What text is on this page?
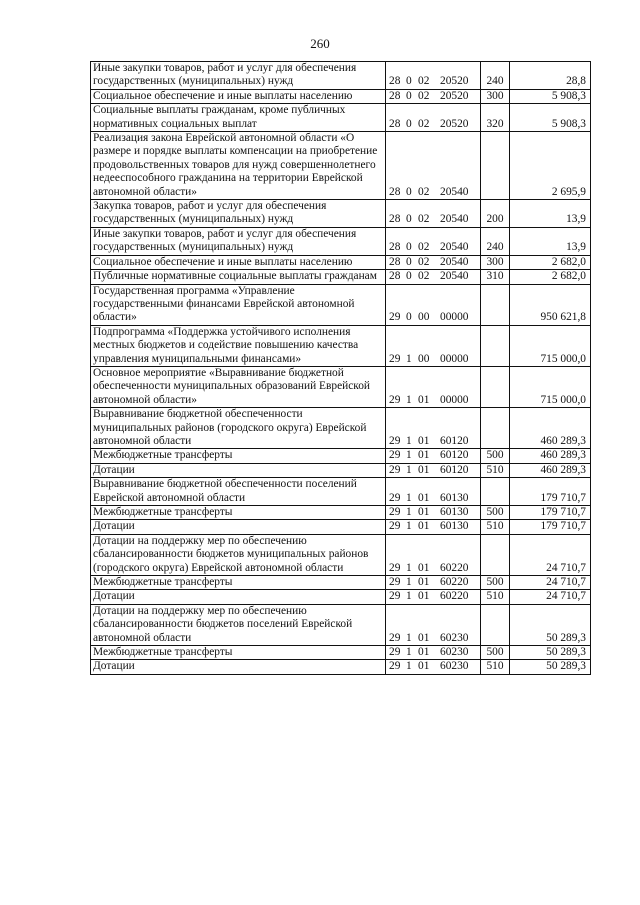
260
Иные закупки товаров, работ и услуг для обеспечения государственных (муниципальных) нужд	28 0 02 20520	240	28,8
Социальное обеспечение и иные выплаты населению	28 0 02 20520	300	5 908,3
Социальные выплаты гражданам, кроме публичных нормативных социальных выплат	28 0 02 20520	320	5 908,3
Реализация закона Еврейской автономной области «О размере и порядке выплаты компенсации на приобретение продовольственных товаров для нужд совершеннолетнего недееспособного гражданина на территории Еврейской автономной области»	28 0 02 20540		2 695,9
Закупка товаров, работ и услуг для обеспечения государственных (муниципальных) нужд	28 0 02 20540	200	13,9
Иные закупки товаров, работ и услуг для обеспечения государственных (муниципальных) нужд	28 0 02 20540	240	13,9
Социальное обеспечение и иные выплаты населению	28 0 02 20540	300	2 682,0
Публичные нормативные социальные выплаты гражданам	28 0 02 20540	310	2 682,0
Государственная программа «Управление государственными финансами Еврейской автономной области»	29 0 00 00000		950 621,8
Подпрограмма «Поддержка устойчивого исполнения местных бюджетов и содействие повышению качества управления муниципальными финансами»	29 1 00 00000		715 000,0
Основное мероприятие «Выравнивание бюджетной обеспеченности муниципальных образований Еврейской автономной области»	29 1 01 00000		715 000,0
Выравнивание бюджетной обеспеченности муниципальных районов (городского округа) Еврейской автономной области	29 1 01 60120		460 289,3
Межбюджетные трансферты	29 1 01 60120	500	460 289,3
Дотации	29 1 01 60120	510	460 289,3
Выравнивание бюджетной обеспеченности поселений Еврейской автономной области	29 1 01 60130		179 710,7
Межбюджетные трансферты	29 1 01 60130	500	179 710,7
Дотации	29 1 01 60130	510	179 710,7
Дотации на поддержку мер по обеспечению сбалансированности бюджетов муниципальных районов (городского округа) Еврейской автономной области	29 1 01 60220		24 710,7
Межбюджетные трансферты	29 1 01 60220	500	24 710,7
Дотации	29 1 01 60220	510	24 710,7
Дотации на поддержку мер по обеспечению сбалансированности бюджетов поселений Еврейской автономной области	29 1 01 60230		50 289,3
Межбюджетные трансферты	29 1 01 60230	500	50 289,3
Дотации	29 1 01 60230	510	50 289,3
